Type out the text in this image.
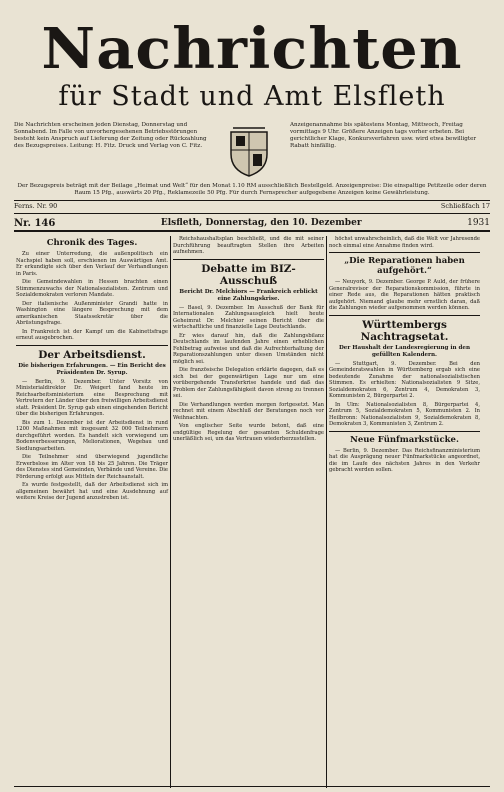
Nachrichten
für Stadt und Amt Elsfleth
Die Nachrichten erscheinen jeden Dienstag, Donnerstag und Sonnabend. Im Falle von unvorhergesehenen Betriebsstörungen besteht kein Anspruch auf Lieferung der Zeitung oder Rückzahlung des Bezugspreises. Leitung: H. Fitz. Druck und Verlag von C. Fitz.
Anzeigenannahme bis spätestens Montag, Mittwoch, Freitag vormittags 9 Uhr. Größere Anzeigen tags vorher erbeten. Bei gerichtlicher Klage, Konkursverfahren usw. wird etwa bewilligter Rabatt hinfällig.
Der Bezugspreis beträgt mit der Beilage „Heimat und Welt“ für den Monat 1.10 RM ausschließlich Bestellgeld. Anzeigenpreise: Die einspaltige Petitzeile oder deren Raum 15 Pfg., auswärts 20 Pfg., Reklamezeile 50 Pfg. Für durch Fernsprecher aufgegebene Anzeigen keine Gewährleistung.
Ferns. Nr. 90	Schließfach 17
Nr. 146	Elsfleth, Donnerstag, den 10. Dezember	1931
Chronik des Tages.

Zu einer Unterredung, die außenpolitisch ein Nachspiel haben soll, erschienen im Auswärtigen Amt. Er erkundigte sich über den Verlauf der Verhandlungen in Paris.

Die Gemeindewahlen in Hessen brachten einen Stimmenzuwachs der Nationalsozialisten. Zentrum und Sozialdemokraten verloren Mandate.

Der italienische Außenminister Grandi hatte in Washington eine längere Besprechung mit dem amerikanischen Staatssekretär über die Abrüstungsfrage.

In Frankreich ist der Kampf um die Kabinettsfrage erneut ausgebrochen.

Der Arbeitsdienst.
Die bisherigen Erfahrungen. — Ein Bericht des Präsidenten Dr. Syrup.

— Berlin, 9. Dezember. Unter Vorsitz von Ministerialdirektor Dr. Weigert fand heute im Reichsarbeitsministerium eine Besprechung mit Vertretern der Länder über den freiwilligen Arbeitsdienst statt. Präsident Dr. Syrup gab einen eingehenden Bericht über die bisherigen Erfahrungen.

Bis zum 1. Dezember ist der Arbeitsdienst in rund 1200 Maßnahmen mit insgesamt 32 000 Teilnehmern durchgeführt worden. Es handelt sich vorwiegend um Bodenverbesserungen, Meliorationen, Wegebau und Siedlungsarbeiten.

Die Teilnehmer sind überwiegend jugendliche Erwerbslose im Alter von 18 bis 25 Jahren. Die Träger des Dienstes sind Gemeinden, Verbände und Vereine. Die Förderung erfolgt aus Mitteln der Reichsanstalt.

Es wurde festgestellt, daß der Arbeitsdienst sich im allgemeinen bewährt hat und eine Ausdehnung auf weitere Kreise der Jugend anzustreben ist.

Reichshaushaltsplan beschließt, und die mit seiner Durchführung beauftragten Stellen ihre Arbeiten aufnehmen.

Debatte im BIZ-Ausschuß
Bericht Dr. Melchiors — Frankreich erblickt eine Zahlungskrise.

— Basel, 9. Dezember. Im Ausschuß der Bank für Internationalen Zahlungsausgleich hielt heute Geheimrat Dr. Melchior seinen Bericht über die wirtschaftliche und finanzielle Lage Deutschlands.

Er wies darauf hin, daß die Zahlungsbilanz Deutschlands im laufenden Jahre einen erheblichen Fehlbetrag aufweise und daß die Aufrechterhaltung der Reparationszahlungen unter diesen Umständen nicht möglich sei.

Die französische Delegation erklärte dagegen, daß es sich bei der gegenwärtigen Lage nur um eine vorübergehende Transferkrise handele und daß das Problem der Zahlungsfähigkeit davon streng zu trennen sei.

Die Verhandlungen werden morgen fortgesetzt. Man rechnet mit einem Abschluß der Beratungen noch vor Weihnachten.

Von englischer Seite wurde betont, daß eine endgültige Regelung der gesamten Schuldenfrage unerläßlich sei, um das Vertrauen wiederherzustellen.

höchst unwahrscheinlich, daß die Welt vor Jahresende noch einmal eine Annahme finden wird.

„Die Reparationen haben aufgehört.“

— Neuyork, 9. Dezember. George P. Auld, der frühere Generalrevisor der Reparationskommission, führte in einer Rede aus, die Reparationen hätten praktisch aufgehört. Niemand glaube mehr ernstlich daran, daß die Zahlungen wieder aufgenommen werden können.

Württembergs Nachtragsetat.
Der Haushalt der Landesregierung in den gefüllten Kalendern.

— Stuttgart, 9. Dezember. Bei den Gemeinderatswahlen in Württemberg ergab sich eine bedeutende Zunahme der nationalsozialistischen Stimmen. Es erhielten: Nationalsozialisten 9 Sitze, Sozialdemokraten 6, Zentrum 4, Demokraten 3, Kommunisten 2, Bürgerpartei 2.

In Ulm: Nationalsozialisten 8, Bürgerpartei 4, Zentrum 5, Sozialdemokraten 5, Kommunisten 2. In Heilbronn: Nationalsozialisten 9, Sozialdemokraten 8, Demokraten 3, Kommunisten 3, Zentrum 2.

Neue Fünfmarkstücke.

— Berlin, 9. Dezember. Das Reichsfinanzministerium hat die Ausprägung neuer Fünfmarkstücke angeordnet, die im Laufe des nächsten Jahres in den Verkehr gebracht werden sollen.
